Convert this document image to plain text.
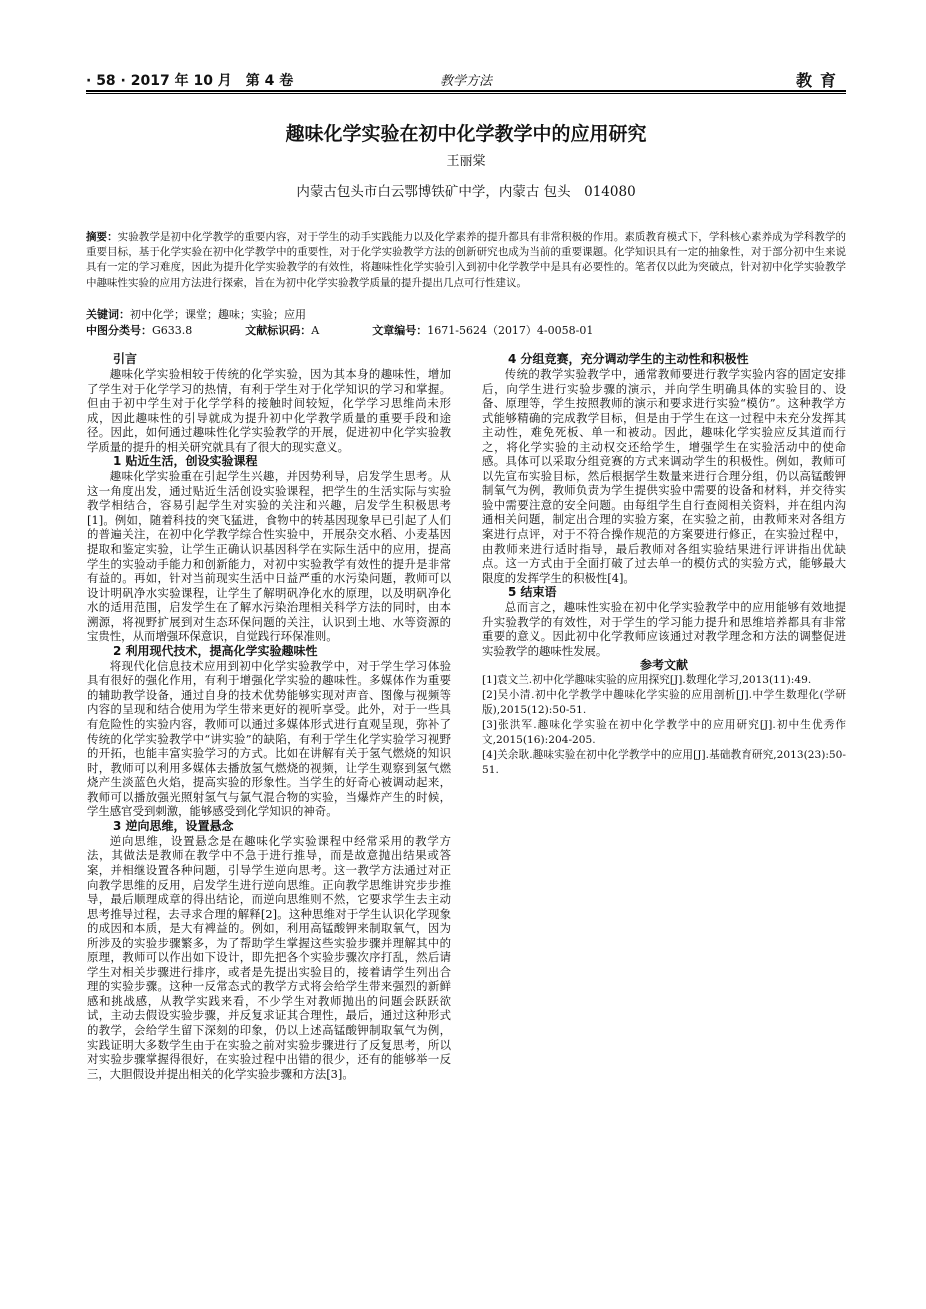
· 58 · 2017 年 10 月　第 4 卷	教学方法	教育
趣味化学实验在初中化学教学中的应用研究
王丽棠
内蒙古包头市白云鄂博铁矿中学，内蒙古 包头　014080
摘要：实验教学是初中化学教学的重要内容，对于学生的动手实践能力以及化学素养的提升都具有非常积极的作用。素质教育模式下，学科核心素养成为学科教学的重要目标，基于化学实验在初中化学教学中的重要性，对于化学实验教学方法的创新研究也成为当前的重要课题。化学知识具有一定的抽象性，对于部分初中生来说具有一定的学习难度，因此为提升化学实验教学的有效性，将趣味性化学实验引入到初中化学教学中是具有必要性的。笔者仅以此为突破点，针对初中化学实验教学中趣味性实验的应用方法进行探索，旨在为初中化学实验教学质量的提升提出几点可行性建议。
关键词：初中化学；课堂；趣味；实验；应用
中图分类号：G633.8	文献标识码：A	文章编号：1671-5624（2017）4-0058-01
引言

趣味化学实验相较于传统的化学实验，因为其本身的趣味性，增加了学生对于化学学习的热情，有利于学生对于化学知识的学习和掌握。但由于初中学生对于化学学科的接触时间较短，化学学习思维尚未形成，因此趣味性的引导就成为提升初中化学教学质量的重要手段和途径。因此，如何通过趣味性化学实验教学的开展，促进初中化学实验教学质量的提升的相关研究就具有了很大的现实意义。

1 贴近生活，创设实验课程

趣味化学实验重在引起学生兴趣，并因势利导，启发学生思考。从这一角度出发，通过贴近生活创设实验课程，把学生的生活实际与实验教学相结合，容易引起学生对实验的关注和兴趣，启发学生积极思考[1]。例如，随着科技的突飞猛进，食物中的转基因现象早已引起了人们的普遍关注，在初中化学教学综合性实验中，开展杂交水稻、小麦基因提取和鉴定实验，让学生正确认识基因科学在实际生活中的应用，提高学生的实验动手能力和创新能力，对初中实验教学有效性的提升是非常有益的。再如，针对当前现实生活中日益严重的水污染问题，教师可以设计明矾净水实验课程，让学生了解明矾净化水的原理，以及明矾净化水的适用范围，启发学生在了解水污染治理相关科学方法的同时，由本溯源，将视野扩展到对生态环保问题的关注，认识到土地、水等资源的宝贵性，从而增强环保意识，自觉践行环保准则。

2 利用现代技术，提高化学实验趣味性

将现代化信息技术应用到初中化学实验教学中，对于学生学习体验具有很好的强化作用，有利于增强化学实验的趣味性。多媒体作为重要的辅助教学设备，通过自身的技术优势能够实现对声音、图像与视频等内容的呈现和结合使用为学生带来更好的视听享受。此外，对于一些具有危险性的实验内容，教师可以通过多媒体形式进行直观呈现，弥补了传统的化学实验教学中“讲实验”的缺陷，有利于学生化学实验学习视野的开拓，也能丰富实验学习的方式。比如在讲解有关于氢气燃烧的知识时，教师可以利用多媒体去播放氢气燃烧的视频，让学生观察到氢气燃烧产生淡蓝色火焰，提高实验的形象性。当学生的好奇心被调动起来，教师可以播放强光照射氢气与氯气混合物的实验，当爆炸产生的时候，学生感官受到刺激，能够感受到化学知识的神奇。

3 逆向思维，设置悬念

逆向思维，设置悬念是在趣味化学实验课程中经常采用的教学方法，其做法是教师在教学中不急于进行推导，而是故意抛出结果或答案，并相继设置各种问题，引导学生逆向思考。这一教学方法通过对正向教学思维的反用，启发学生进行逆向思维。正向教学思维讲究步步推导，最后顺理成章的得出结论，而逆向思维则不然，它要求学生去主动思考推导过程，去寻求合理的解释[2]。这种思维对于学生认识化学现象的成因和本质，是大有裨益的。例如，利用高锰酸钾来制取氧气，因为所涉及的实验步骤繁多，为了帮助学生掌握这些实验步骤并理解其中的原理，教师可以作出如下设计，即先把各个实验步骤次序打乱，然后请学生对相关步骤进行排序，或者是先提出实验目的，接着请学生列出合理的实验步骤。这种一反常态式的教学方式将会给学生带来强烈的新鲜感和挑战感，从教学实践来看，不少学生对教师抛出的问题会跃跃欲试，主动去假设实验步骤，并反复求证其合理性，最后，通过这种形式的教学，会给学生留下深刻的印象，仍以上述高锰酸钾制取氧气为例，实践证明大多数学生由于在实验之前对实验步骤进行了反复思考，所以对实验步骤掌握得很好，在实验过程中出错的很少，还有的能够举一反三，大胆假设并提出相关的化学实验步骤和方法[3]。

4 分组竞赛，充分调动学生的主动性和积极性

传统的教学实验教学中，通常教师要进行教学实验内容的固定安排后，向学生进行实验步骤的演示，并向学生明确具体的实验目的、设备、原理等，学生按照教师的演示和要求进行实验“模仿”。这种教学方式能够精确的完成教学目标，但是由于学生在这一过程中未充分发挥其主动性，难免死板、单一和被动。因此，趣味化学实验应反其道而行之，将化学实验的主动权交还给学生，增强学生在实验活动中的使命感。具体可以采取分组竞赛的方式来调动学生的积极性。例如，教师可以先宣布实验目标，然后根据学生数量来进行合理分组，仍以高锰酸钾制氧气为例，教师负责为学生提供实验中需要的设备和材料，并交待实验中需要注意的安全问题。由每组学生自行查阅相关资料，并在组内沟通相关问题，制定出合理的实验方案，在实验之前，由教师来对各组方案进行点评，对于不符合操作规范的方案要进行修正，在实验过程中，由教师来进行适时指导，最后教师对各组实验结果进行评讲指出优缺点。这一方式由于全面打破了过去单一的模仿式的实验方式，能够最大限度的发挥学生的积极性[4]。

5 结束语

总而言之，趣味性实验在初中化学实验教学中的应用能够有效地提升实验教学的有效性，对于学生的学习能力提升和思维培养都具有非常重要的意义。因此初中化学教师应该通过对教学理念和方法的调整促进实验教学的趣味性发展。

参考文献
[1]袁文兰.初中化学趣味实验的应用探究[J].数理化学习,2013(11):49.
[2]吴小清.初中化学教学中趣味化学实验的应用剖析[J].中学生数理化(学研版),2015(12):50-51.
[3]张洪军.趣味化学实验在初中化学教学中的应用研究[J].初中生优秀作文,2015(16):204-205.
[4]关余耿.趣味实验在初中化学教学中的应用[J].基础教育研究,2013(23):50-51.
